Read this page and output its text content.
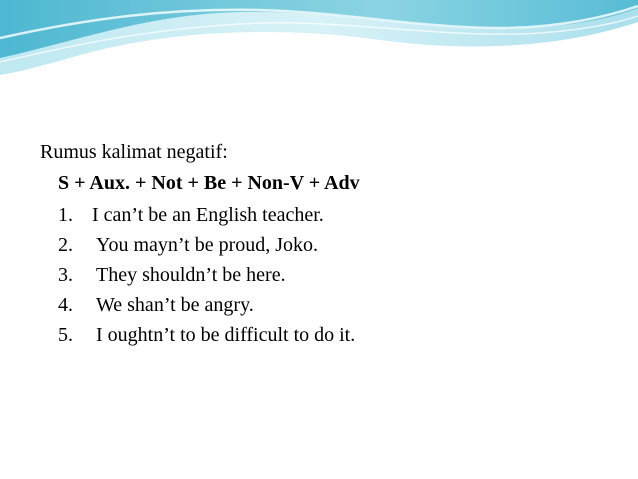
Rumus kalimat negatif:

S + Aux. + Not + Be + Non-V + Adv

1. I can’t be an English teacher.
2.	You mayn’t be proud, Joko.
3.	They shouldn’t be here.
4.	We shan’t be angry.
5.	I oughtn’t to be difficult to do it.
